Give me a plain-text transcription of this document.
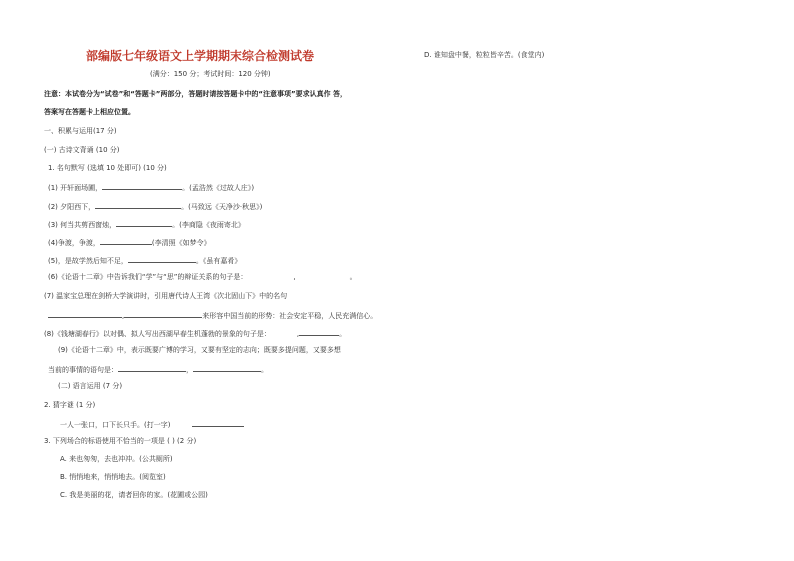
部编版七年级语文上学期期末综合检测试卷
(满分：150 分；考试时间：120 分钟)
注意：本试卷分为“试卷”和“答题卡”两部分，答题时请按答题卡中的“注意事项”要求认真作 答，
答案写在答题卡上相应位置。
一、积累与运用(17 分)
(一) 古诗文背诵 (10 分)
1. 名句默写 (选填 10 处即可) (10 分)
(1) 开轩面场圃，	。(孟浩然《过故人庄》)
(2) 夕阳西下，	。(马致远《天净沙·秋思》)
(3) 何当共剪西窗烛，	。(李商隐《夜雨寄北》
(4)争渡，争渡，	(李清照《如梦令》
(5)，是故学然后知不足，	。《虽有嘉肴》
(6)《论语十二章》中告诉我们“学”与“思”的辩证关系的句子是：	,	。
(7) 温家宝总理在剑桥大学演讲时，引用唐代诗人王湾《次北固山下》中的名句
,	来形容中国当前的形势：社会安定平稳，人民充满信心。
(8)《钱塘湖春行》以对偶、拟人写出西湖早春生机蓬勃的景象的句子是：	,	。
(9)《论语十二章》中，表示既要广博的学习，又要有坚定的志向；既要多提问题，又要多想
当前的事情的语句是：	，	。
(二) 语言运用 (7 分)
2. 猜字谜 (1 分)
一人一张口，口下长只手。(打一字)
3. 下列场合的标语使用不恰当的一项是 ( ) (2 分)
A. 来也匆匆，去也冲冲。(公共厕所)
B. 悄悄地来，悄悄地去。(阅览室)
C. 我是美丽的花，请者回你的家。(花圃或公园)
D. 谁知盘中餐，粒粒皆辛苦。(食堂内)
